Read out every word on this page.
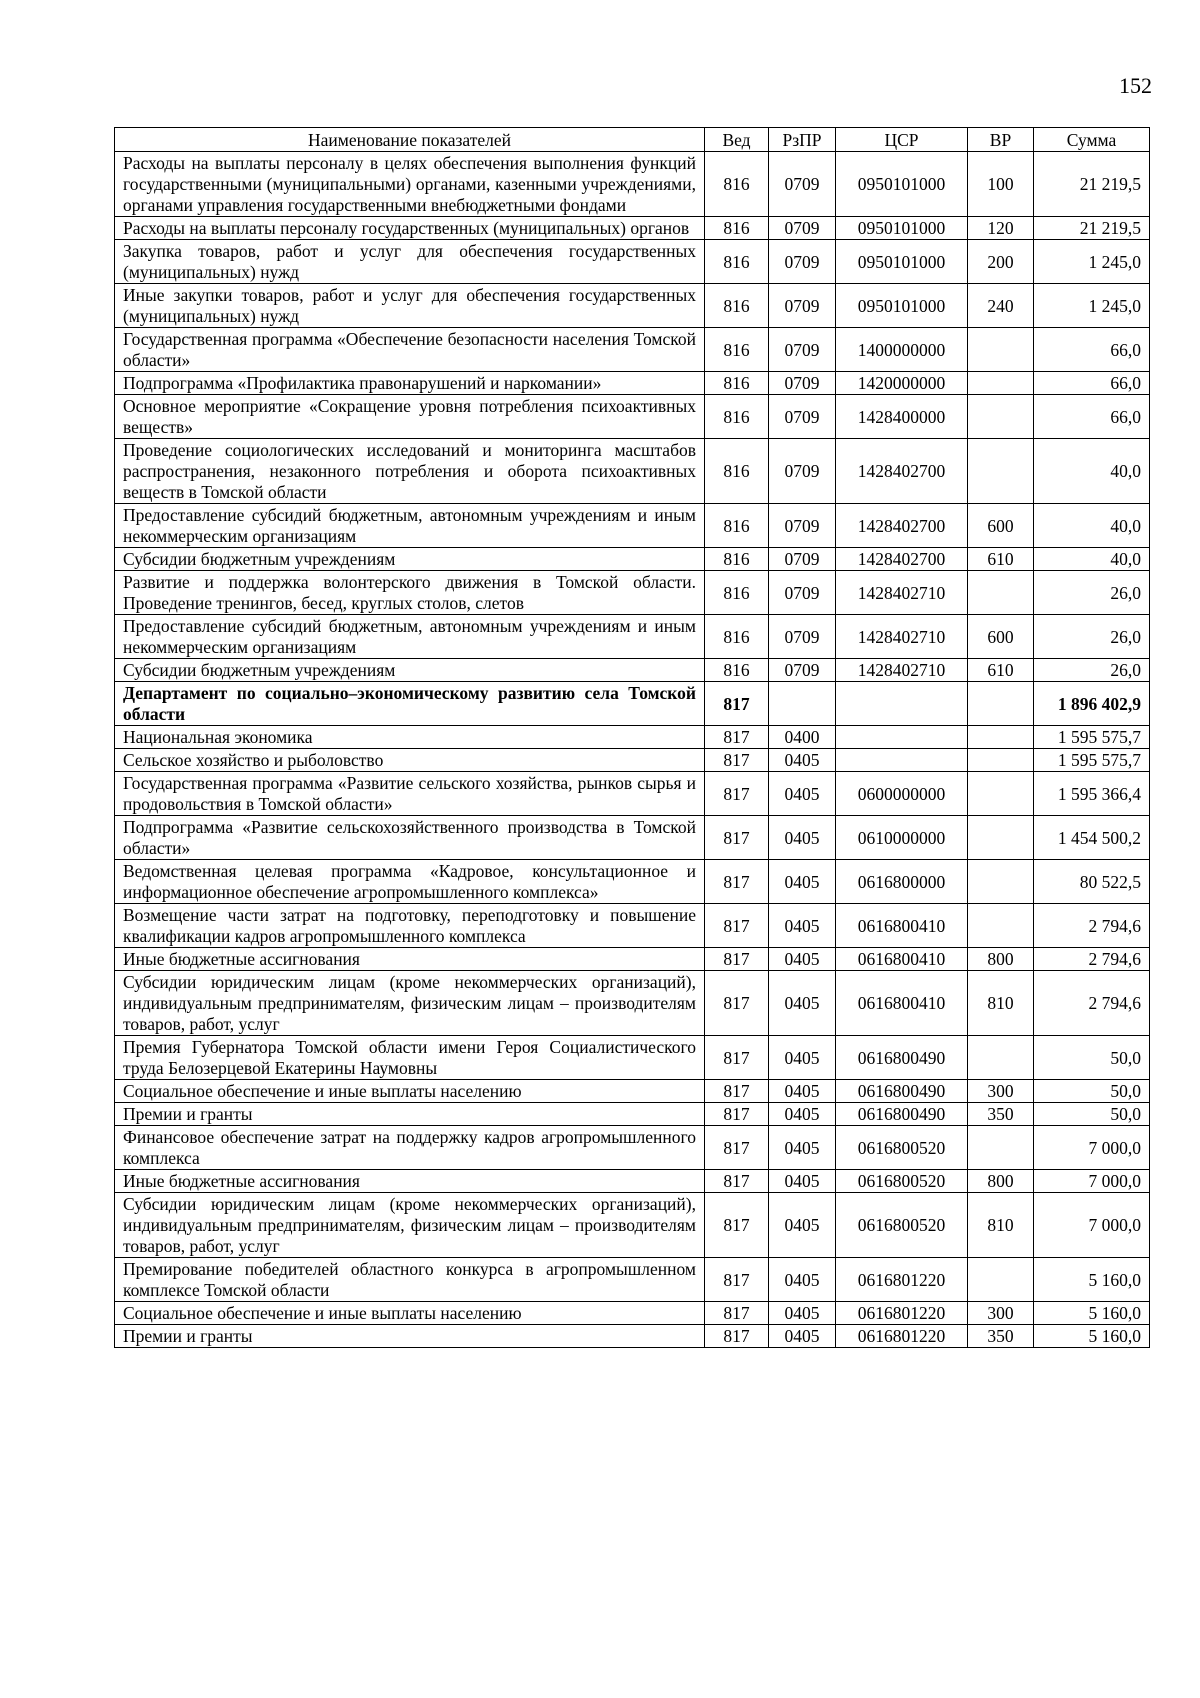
152
Наименование показателей	Вед	РзПР	ЦСР	ВР	Сумма
Расходы на выплаты персоналу в целях обеспечения выполнения функций государственными (муниципальными) органами, казенными учреждениями, органами управления государственными внебюджетными фондами	816	0709	0950101000	100	21 219,5
Расходы на выплаты персоналу государственных (муниципальных) органов	816	0709	0950101000	120	21 219,5
Закупка товаров, работ и услуг для обеспечения государственных (муниципальных) нужд	816	0709	0950101000	200	1 245,0
Иные закупки товаров, работ и услуг для обеспечения государственных (муниципальных) нужд	816	0709	0950101000	240	1 245,0
Государственная программа «Обеспечение безопасности населения Томской области»	816	0709	1400000000		66,0
Подпрограмма «Профилактика правонарушений и наркомании»	816	0709	1420000000		66,0
Основное мероприятие «Сокращение уровня потребления психоактивных веществ»	816	0709	1428400000		66,0
Проведение социологических исследований и мониторинга масштабов распространения, незаконного потребления и оборота психоактивных веществ в Томской области	816	0709	1428402700		40,0
Предоставление субсидий бюджетным, автономным учреждениям и иным некоммерческим организациям	816	0709	1428402700	600	40,0
Субсидии бюджетным учреждениям	816	0709	1428402700	610	40,0
Развитие и поддержка волонтерского движения в Томской области. Проведение тренингов, бесед, круглых столов, слетов	816	0709	1428402710		26,0
Предоставление субсидий бюджетным, автономным учреждениям и иным некоммерческим организациям	816	0709	1428402710	600	26,0
Субсидии бюджетным учреждениям	816	0709	1428402710	610	26,0
Департамент по социально–экономическому развитию села Томской области	817				1 896 402,9
Национальная экономика	817	0400			1 595 575,7
Сельское хозяйство и рыболовство	817	0405			1 595 575,7
Государственная программа «Развитие сельского хозяйства, рынков сырья и продовольствия в Томской области»	817	0405	0600000000		1 595 366,4
Подпрограмма «Развитие сельскохозяйственного производства в Томской области»	817	0405	0610000000		1 454 500,2
Ведомственная целевая программа «Кадровое, консультационное и информационное обеспечение агропромышленного комплекса»	817	0405	0616800000		80 522,5
Возмещение части затрат на подготовку, переподготовку и повышение квалификации кадров агропромышленного комплекса	817	0405	0616800410		2 794,6
Иные бюджетные ассигнования	817	0405	0616800410	800	2 794,6
Субсидии юридическим лицам (кроме некоммерческих организаций), индивидуальным предпринимателям, физическим лицам – производителям товаров, работ, услуг	817	0405	0616800410	810	2 794,6
Премия Губернатора Томской области имени Героя Социалистического труда Белозерцевой Екатерины Наумовны	817	0405	0616800490		50,0
Социальное обеспечение и иные выплаты населению	817	0405	0616800490	300	50,0
Премии и гранты	817	0405	0616800490	350	50,0
Финансовое обеспечение затрат на поддержку кадров агропромышленного комплекса	817	0405	0616800520		7 000,0
Иные бюджетные ассигнования	817	0405	0616800520	800	7 000,0
Субсидии юридическим лицам (кроме некоммерческих организаций), индивидуальным предпринимателям, физическим лицам – производителям товаров, работ, услуг	817	0405	0616800520	810	7 000,0
Премирование победителей областного конкурса в агропромышленном комплексе Томской области	817	0405	0616801220		5 160,0
Социальное обеспечение и иные выплаты населению	817	0405	0616801220	300	5 160,0
Премии и гранты	817	0405	0616801220	350	5 160,0
